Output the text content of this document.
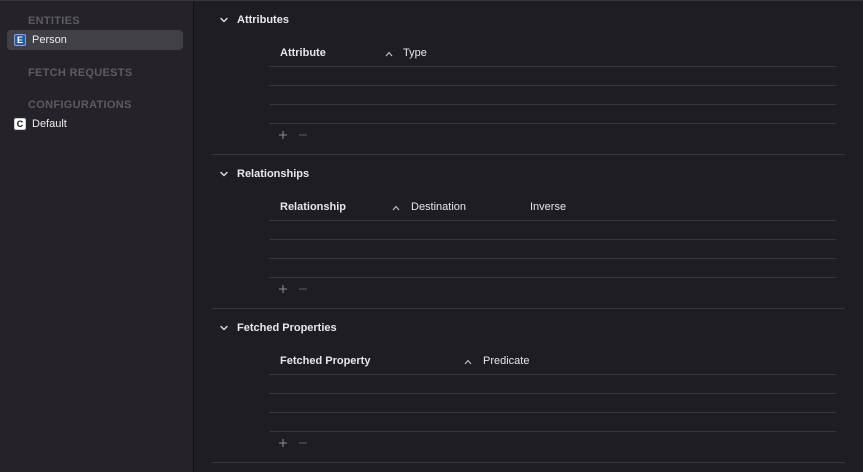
ENTITIES
E Person
FETCH REQUESTS
CONFIGURATIONS
C Default
Attributes
Attribute	Type
Relationships
Relationship	Destination	Inverse
Fetched Properties
Fetched Property	Predicate
